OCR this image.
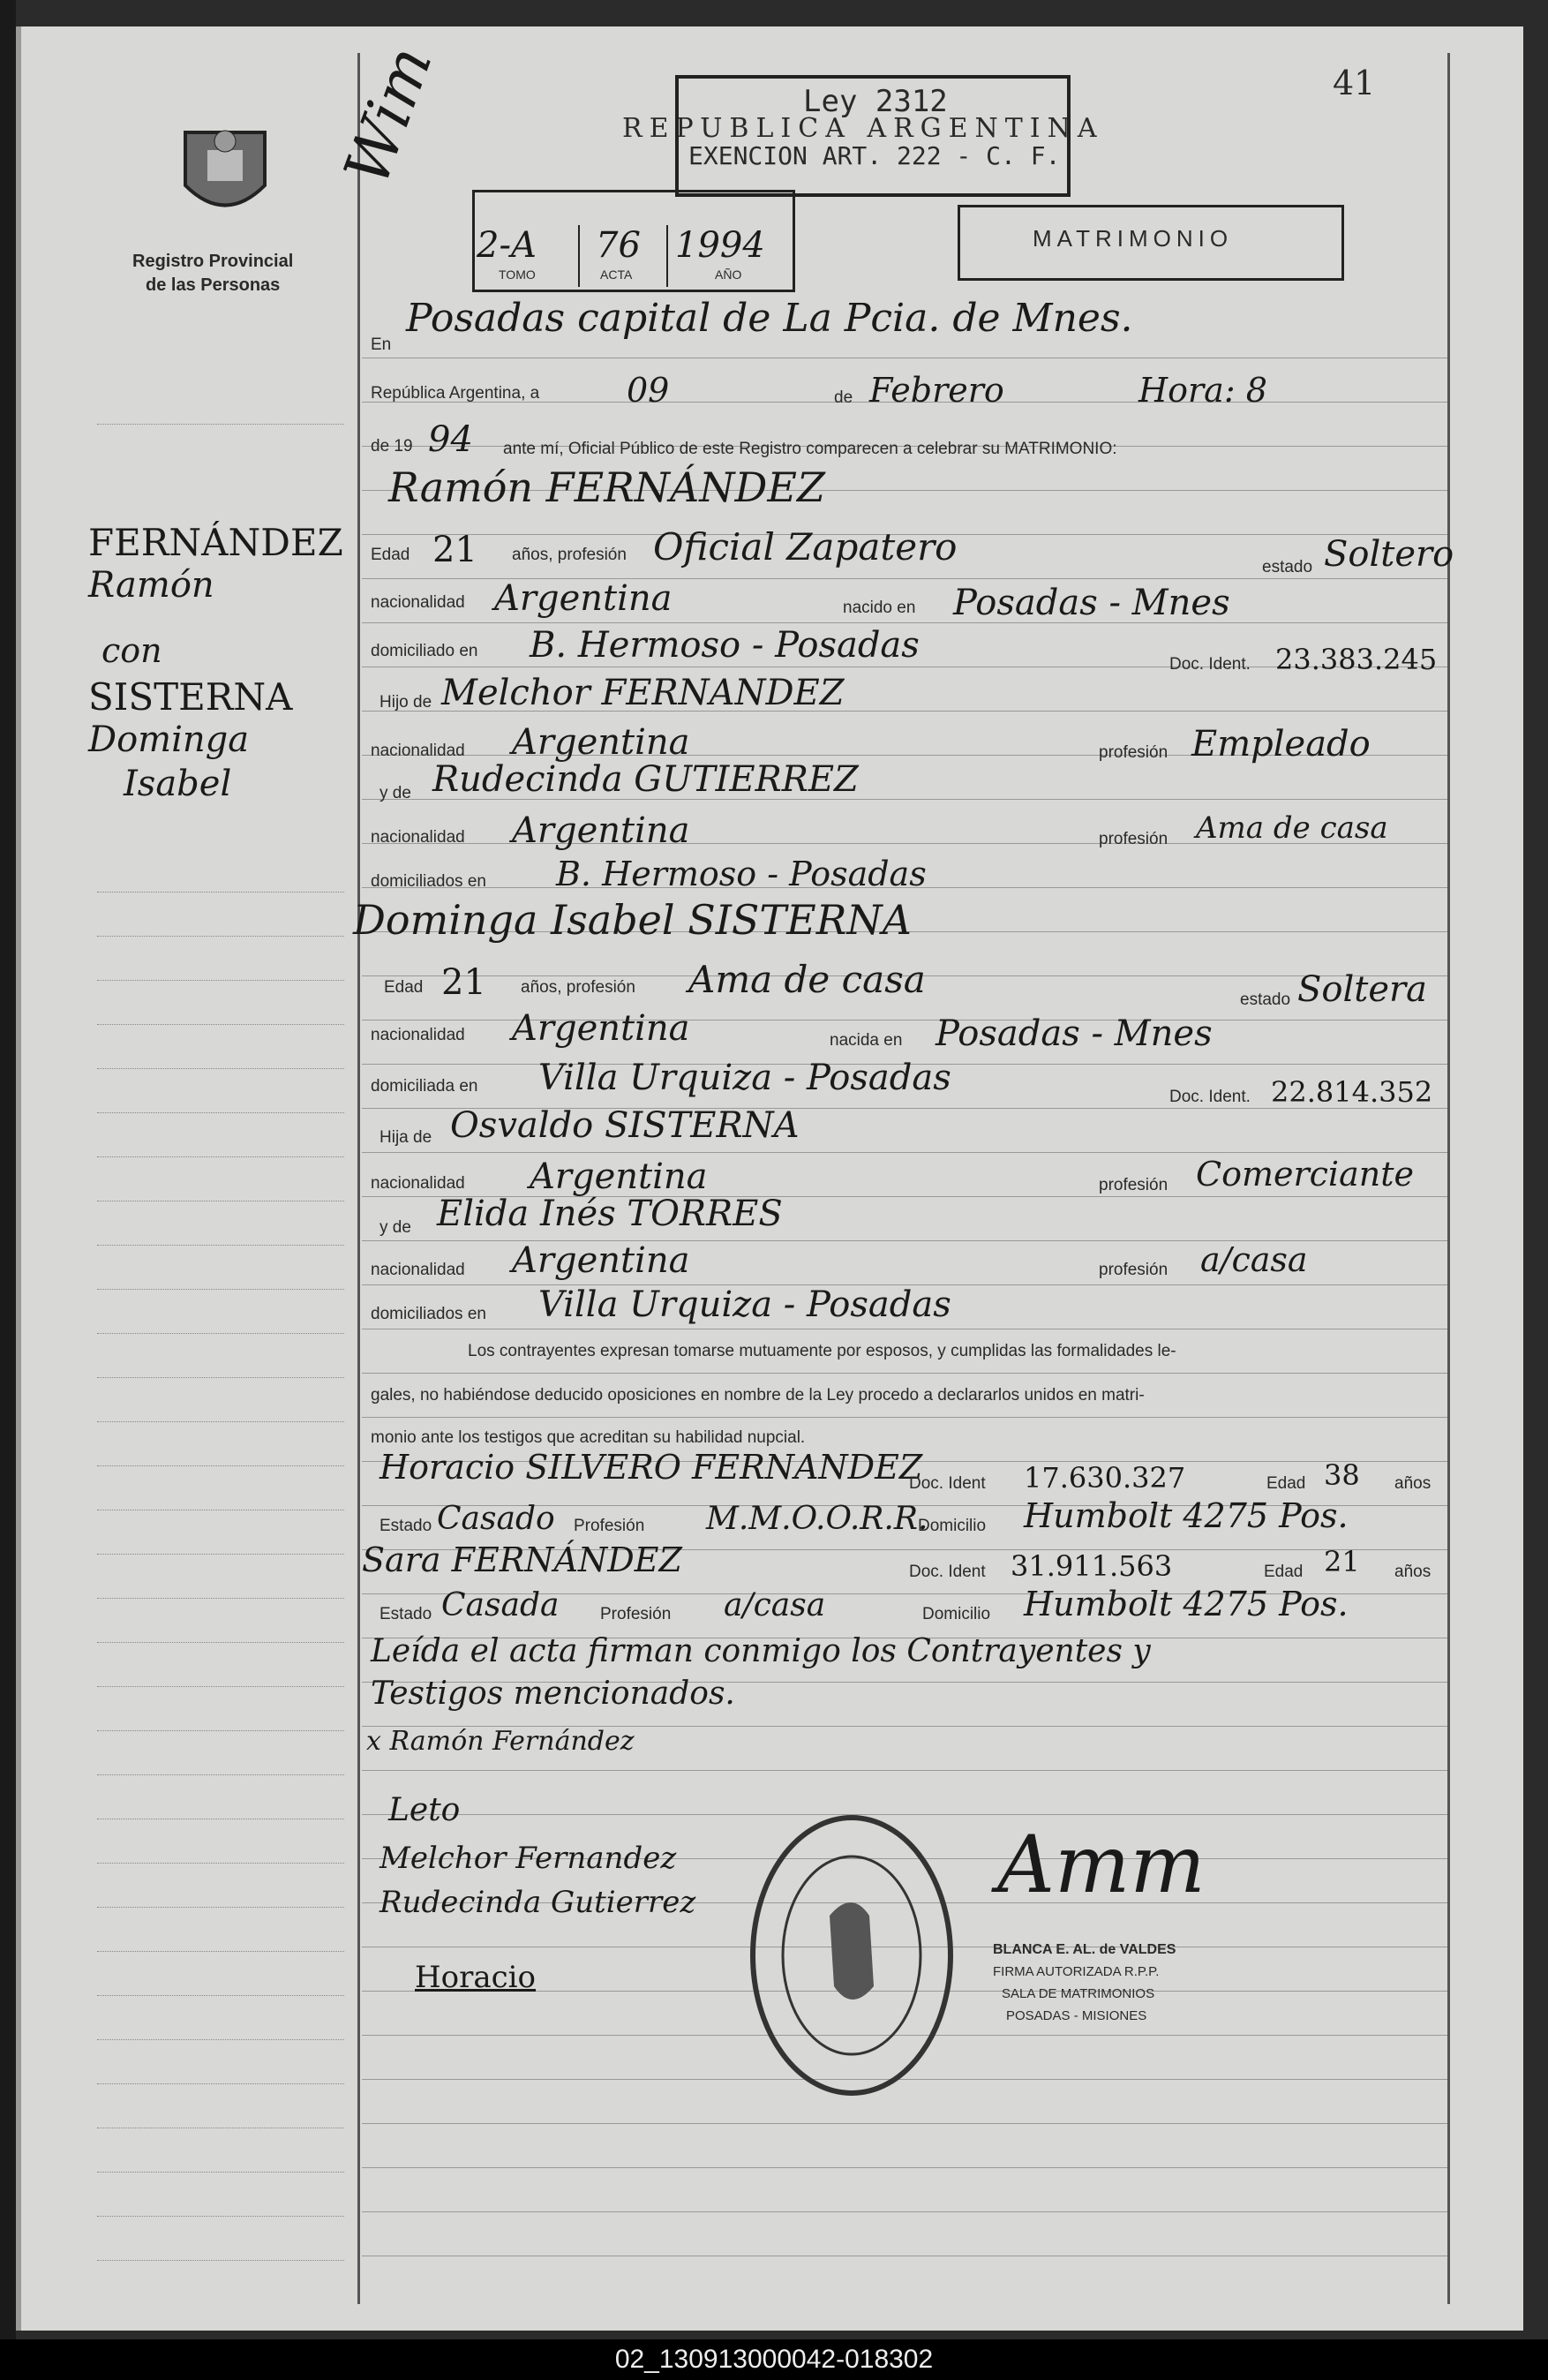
41
Registro Provincial
de las Personas
Wim	REPUBLICA ARGENTINA
Ley 2312
EXENCION ART. 222 - C. F.
2-A 76 1994
TOMO	ACTA	AÑO
MATRIMONIO
FERNÁNDEZ
Ramón
con
SISTERNA
Dominga
Isabel
En
Posadas capital de La Pcia. de Mnes.
República Argentina, a	09	de Febrero	Hora: 8
de 19 94 ante mí, Oficial Público de este Registro comparecen a celebrar su MATRIMONIO:
Ramón FERNÁNDEZ
Edad 21 años, profesión Oficial Zapatero	estado Soltero
nacionalidad Argentina	nacido en Posadas - Mnes
domiciliado en B. Hermoso - Posadas	Doc. Ident. 23.383.245
Hijo de Melchor FERNANDEZ
nacionalidad Argentina	profesión Empleado
y de Rudecinda GUTIERREZ
nacionalidad Argentina	profesión Ama de casa
domiciliados en B. Hermoso - Posadas
Dominga Isabel SISTERNA
Edad 21 años, profesión Ama de casa	estado Soltera
nacionalidad Argentina	nacida en Posadas - Mnes
domiciliada en Villa Urquiza - Posadas	Doc. Ident. 22.814.352
Hija de Osvaldo SISTERNA
nacionalidad Argentina	profesión Comerciante
y de Elida Inés TORRES
nacionalidad Argentina	profesión a/casa
domiciliados en Villa Urquiza - Posadas
Los contrayentes expresan tomarse mutuamente por esposos, y cumplidas las formalidades le-
gales, no habiéndose deducido oposiciones en nombre de la Ley procedo a declararlos unidos en matri-
monio ante los testigos que acreditan su habilidad nupcial.
Horacio SILVERO FERNANDEZ
Doc. Ident 17.630.327	Edad 38 años
Estado Casado Profesión M.M.O.O.R.R.
Domicilio Humbolt 4275 Pos.
Sara FERNÁNDEZ	Doc. Ident 31.911.563	Edad 21 años
Estado Casada Profesión a/casa	Domicilio Humbolt 4275 Pos.
Leída el acta firman conmigo los Contrayentes y
Testigos mencionados.
x Ramón Fernández
Leto
Melchor Fernandez
Rudecinda Gutierrez
Horacio
Amm
BLANCA E. AL. de VALDES
FIRMA AUTORIZADA R.P.P.
SALA DE MATRIMONIOS
POSADAS - MISIONES
02_130913000042-018302
